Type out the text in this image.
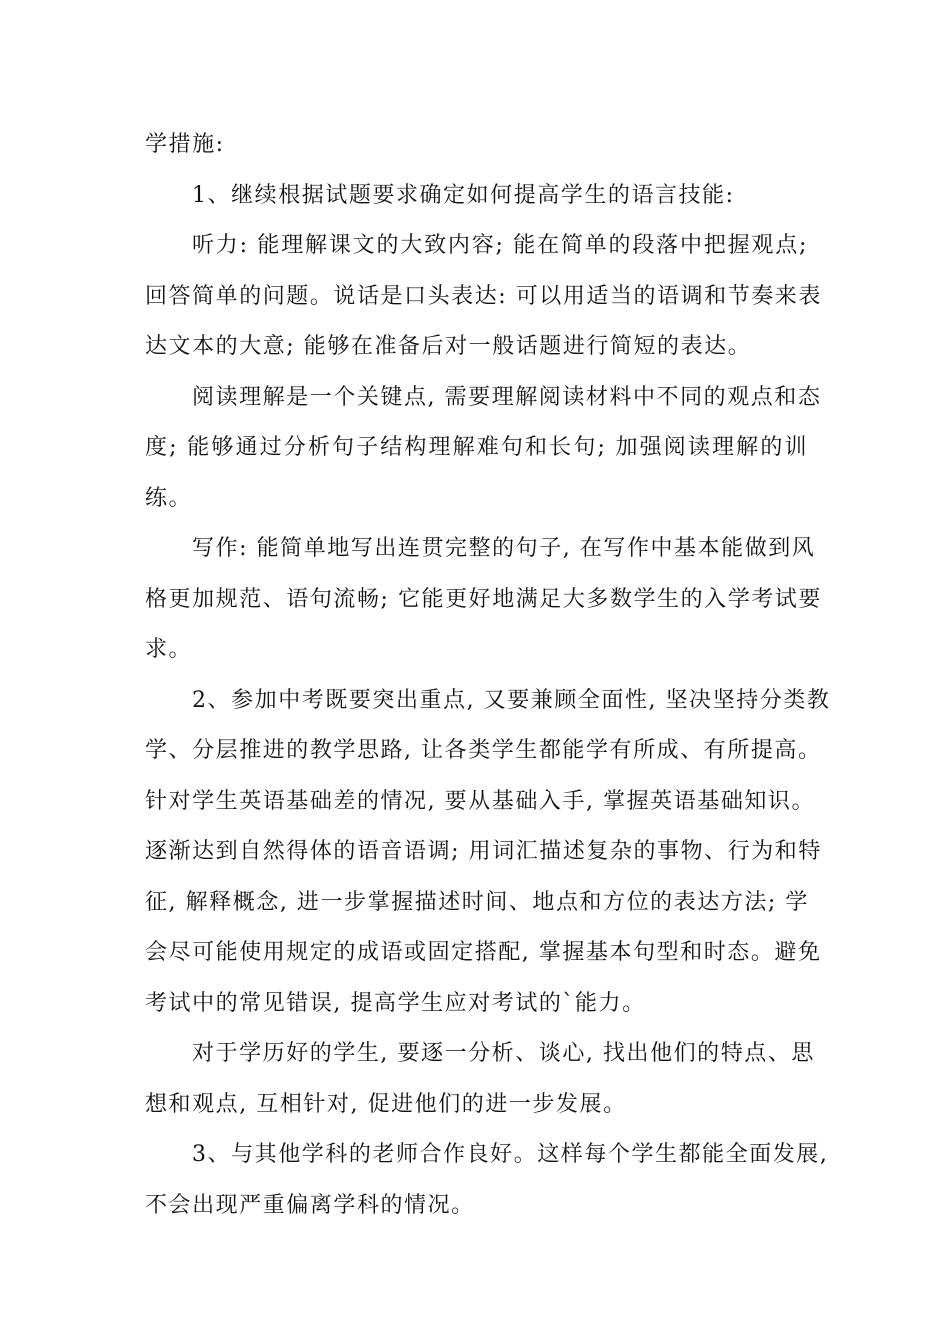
学措施:
1、继续根据试题要求确定如何提高学生的语言技能:
听力: 能理解课文的大致内容; 能在简单的段落中把握观点;
回答简单的问题。说话是口头表达: 可以用适当的语调和节奏来表
达文本的大意; 能够在准备后对一般话题进行简短的表达。
阅读理解是一个关键点, 需要理解阅读材料中不同的观点和态
度; 能够通过分析句子结构理解难句和长句; 加强阅读理解的训
练。
写作: 能简单地写出连贯完整的句子, 在写作中基本能做到风
格更加规范、语句流畅; 它能更好地满足大多数学生的入学考试要
求。
2、参加中考既要突出重点, 又要兼顾全面性, 坚决坚持分类教
学、分层推进的教学思路, 让各类学生都能学有所成、有所提高。
针对学生英语基础差的情况, 要从基础入手, 掌握英语基础知识。
逐渐达到自然得体的语音语调; 用词汇描述复杂的事物、行为和特
征, 解释概念, 进一步掌握描述时间、地点和方位的表达方法; 学
会尽可能使用规定的成语或固定搭配, 掌握基本句型和时态。避免
考试中的常见错误, 提高学生应对考试的`能力。
对于学历好的学生, 要逐一分析、谈心, 找出他们的特点、思
想和观点, 互相针对, 促进他们的进一步发展。
3、与其他学科的老师合作良好。这样每个学生都能全面发展,
不会出现严重偏离学科的情况。
